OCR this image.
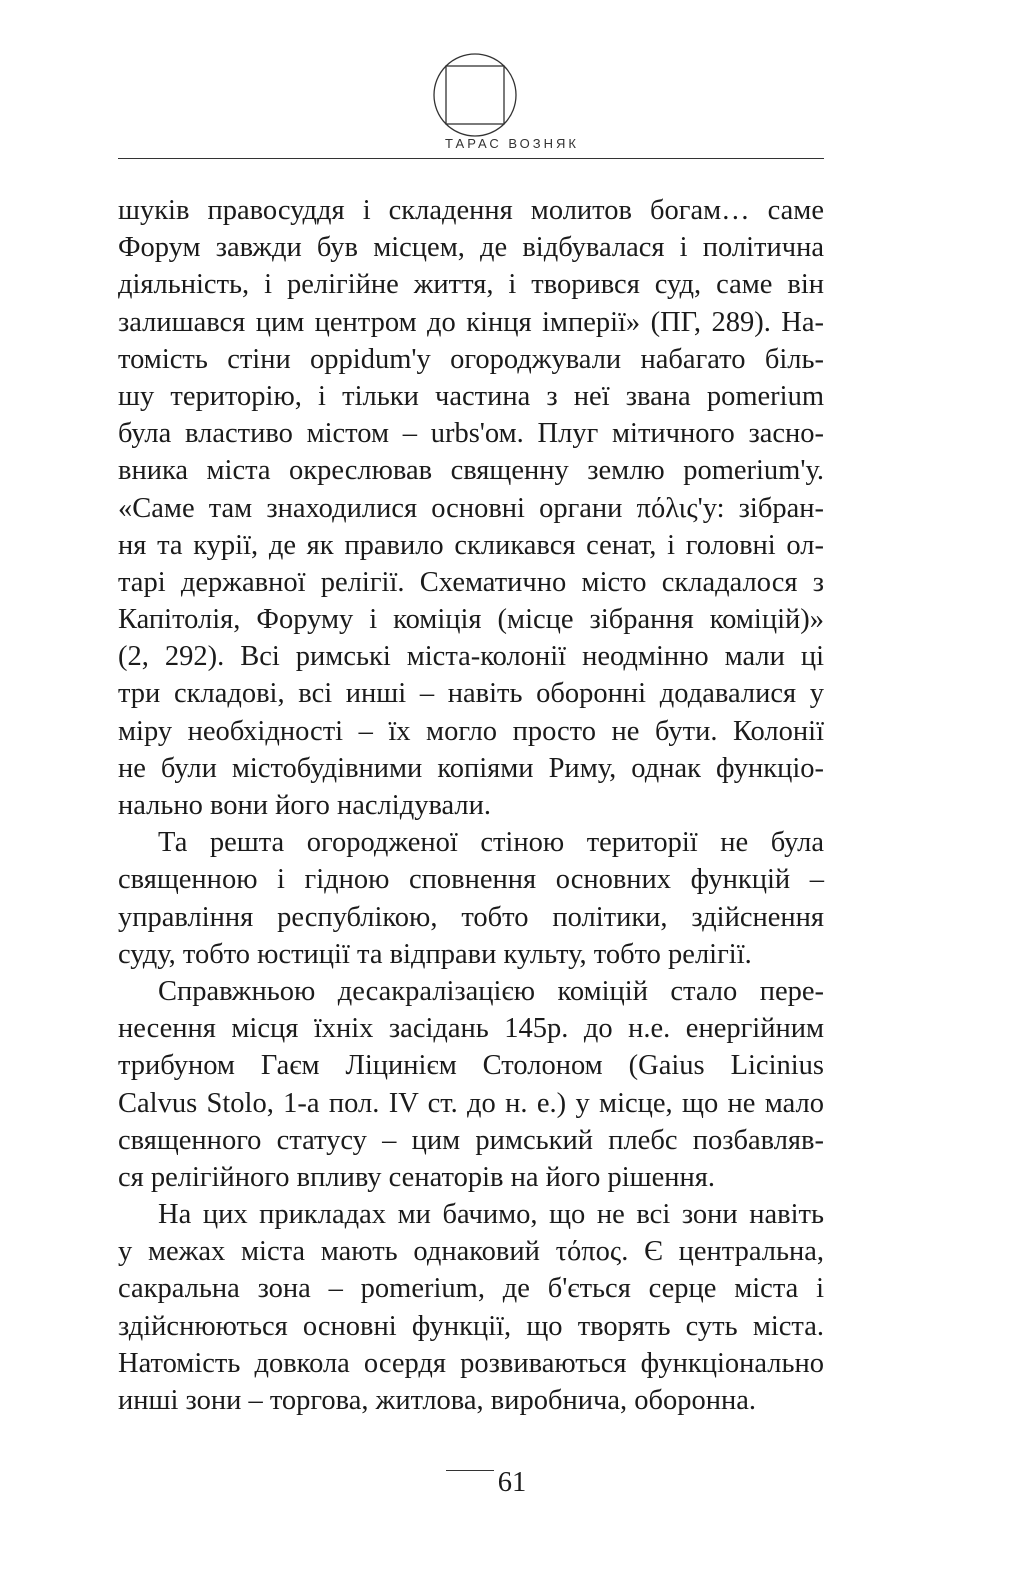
ТАРАС ВОЗНЯК
шуків правосуддя і складення молитов богам… саме
Форум завжди був місцем, де відбувалася і політична
діяльність, і релігійне життя, і творився суд, саме він
залишався цим центром до кінця імперії» (ПГ, 289). На-
томість стіни oppidum'у огороджували набагато біль-
шу територію, і тільки частина з неї звана pomerium
була властиво містом – urbs'ом. Плуг мітичного засно-
вника міста окреслював священну землю pomerium'у.
«Саме там знаходилися основні органи πόλις'у: зібран-
ня та курії, де як правило скликався сенат, і головні ол-
тарі державної релігії. Схематично місто складалося з
Капітолія, Форуму і коміція (місце зібрання коміцій)»
(2, 292). Всі римські міста-колонії неодмінно мали ці
три складові, всі инші – навіть оборонні додавалися у
міру необхідності – їх могло просто не бути. Колонії
не були містобудівними копіями Риму, однак функціо-
нально вони його наслідували.
Та решта огородженої стіною території не була
священною і гідною сповнення основних функцій –
управління республікою, тобто політики, здійснення
суду, тобто юстиції та відправи культу, тобто релігії.
Справжньою десакралізацією коміцій стало пере-
несення місця їхніх засідань 145р. до н.е. енергійним
трибуном Гаєм Ліцинієм Столоном (Gaius Licinius
Calvus Stolo, 1-а пол. IV ст. до н. е.) у місце, що не мало
священного статусу – цим римський плебс позбавляв-
ся релігійного впливу сенаторів на його рішення.
На цих прикладах ми бачимо, що не всі зони навіть
у межах міста мають однаковий τόπος. Є центральна,
сакральна зона – pomerium, де б'ється серце міста і
здійснюються основні функції, що творять суть міста.
Натомість довкола осердя розвиваються функціонально
инші зони – торгова, житлова, виробнича, оборонна.
61
